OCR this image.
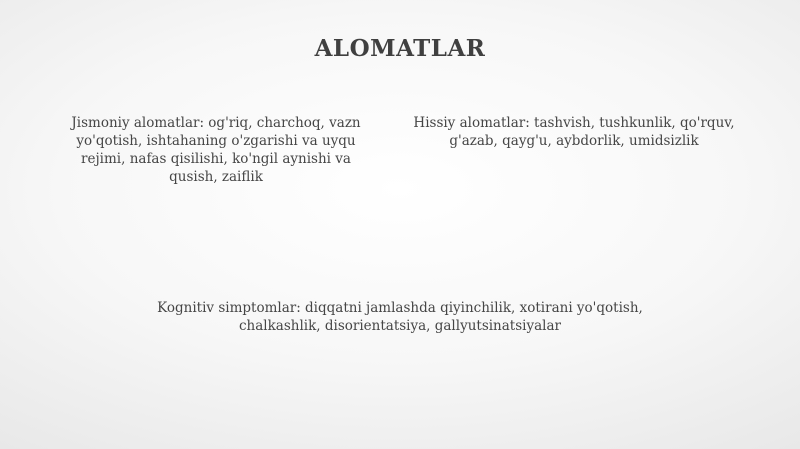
ALOMATLAR
Jismoniy alomatlar: og'riq, charchoq, vazn yo'qotish, ishtahaning o'zgarishi va uyqu rejimi, nafas qisilishi, ko'ngil aynishi va qusish, zaiflik
Hissiy alomatlar: tashvish, tushkunlik, qo'rquv, g'azab, qayg'u, aybdorlik, umidsizlik
Kognitiv simptomlar: diqqatni jamlashda qiyinchilik, xotirani yo'qotish, chalkashlik, disorientatsiya, gallyutsinatsiyalar
